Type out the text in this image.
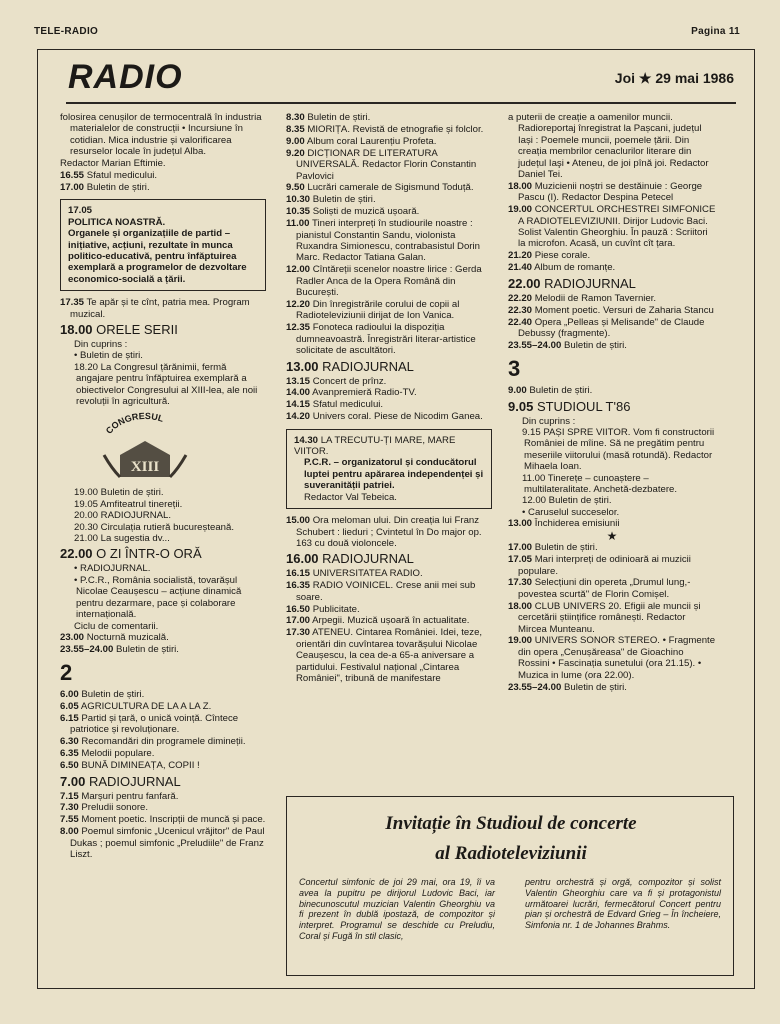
TELE-RADIO	Pagina 11
RADIO	Joi ★ 29 mai 1986
folosirea cenușilor de termocentrală în industria materialelor de construcții • Incursiune în cotidian. Mica industrie și valorificarea resurselor locale în județul Alba.
Redactor Marian Eftimie.
16.55 Sfatul medicului.
17.00 Buletin de știri.
17.05
POLITICA NOASTRĂ.
Organele și organizațiile de partid – inițiative, acțiuni, rezultate în munca politico-educativă, pentru înfăptuirea exemplară a programelor de dezvoltare economico-socială a țării.
17.35 Te apăr și te cînt, patria mea. Program muzical.
18.00 ORELE SERII
Din cuprins :
• Buletin de știri.
18.20 La Congresul țărănimii, fermă angajare pentru înfăptuirea exemplară a obiectivelor Congresului al XIII-lea, ale noii revoluții în agricultură.
CONGRESUL
XIII
19.00 Buletin de știri.
19.05 Amfiteatrul tinereții.
20.00 RADIOJURNAL.
20.30 Circulația rutieră bucureșteană.
21.00 La sugestia dv...
22.00 O ZI ÎNTR-O ORĂ
• RADIOJURNAL.
• P.C.R., România socialistă, tovarășul Nicolae Ceaușescu – acțiune dinamică pentru dezarmare, pace și colaborare internațională.
Ciclu de comentarii.
23.00 Nocturnă muzicală.
23.55–24.00 Buletin de știri.
2
6.00 Buletin de știri.
6.05 AGRICULTURA DE LA A LA Z.
6.15 Partid și țară, o unică voință. Cîntece patriotice și revoluționare.
6.30 Recomandări din programele dimineții.
6.35 Melodii populare.
6.50 BUNĂ DIMINEAȚA, COPII !
7.00 RADIOJURNAL
7.15 Marșuri pentru fanfară.
7.30 Preludii sonore.
7.55 Moment poetic. Inscripții de muncă și pace.
8.00 Poemul simfonic „Ucenicul vrăjitor" de Paul Dukas ; poemul simfonic „Preludiile" de Franz Liszt.
8.30 Buletin de știri.
8.35 MIORIȚA. Revistă de etnografie și folclor.
9.00 Album coral Laurențiu Profeta.
9.20 DICȚIONAR DE LITERATURA UNIVERSALĂ. Redactor Florin Constantin Pavlovici
9.50 Lucrări camerale de Sigismund Toduță.
10.30 Buletin de știri.
10.35 Soliști de muzică ușoară.
11.00 Tineri interpreți în studiourile noastre : pianistul Constantin Sandu, violonista Ruxandra Simionescu, contrabasistul Dorin Marc. Redactor Tatiana Galan.
12.00 Cîntăreții scenelor noastre lirice : Gerda Radler Anca de la Opera Română din București.
12.20 Din înregistrările corului de copii al Radioteleviziunii dirijat de Ion Vanica.
12.35 Fonoteca radioului la dispoziția dumneavoastră. Înregistrări literar-artistice solicitate de ascultători.
13.00 RADIOJURNAL
13.15 Concert de prînz.
14.00 Avanpremieră Radio-TV.
14.15 Sfatul medicului.
14.20 Univers coral. Piese de Nicodim Ganea.
14.30 LA TRECUTU-ȚI MARE, MARE VIITOR.
P.C.R. – organizatorul și conducătorul luptei pentru apărarea independenței și suveranității patriei.
Redactor Val Tebeica.
15.00 Ora meloman ului. Din creația lui Franz Schubert : lieduri ; Cvintetul în Do major op. 163 cu două violoncele.
16.00 RADIOJURNAL
16.15 UNIVERSITATEA RADIO.
16.35 RADIO VOINICEL. Crese anii mei sub soare.
16.50 Publicitate.
17.00 Arpegii. Muzică ușoară în actualitate.
17.30 ATENEU. Cintarea României. Idei, teze, orientări din cuvîntarea tovarășului Nicolae Ceaușescu, la cea de-a 65-a aniversare a partidului. Festivalul național „Cintarea României", tribună de manifestare
a puterii de creație a oamenilor muncii. Radioreportaj înregistrat la Pașcani, județul Iași : Poemele muncii, poemele țării. Din creația membrilor cenaclurilor literare din județul Iaşi • Ateneu, de joi pînă joi. Redactor Daniel Tei.
18.00 Muzicienii noștri se destăinuie : George Pascu (I). Redactor Despina Petecel
19.00 CONCERTUL ORCHESTREI SIMFONICE A RADIOTELEVIZIUNII. Dirijor Ludovic Baci. Solist Valentin Gheorghiu. În pauză : Scriitori la microfon. Acasă, un cuvînt cît țara.
21.20 Piese corale.
21.40 Album de romanțe.
22.00 RADIOJURNAL
22.20 Melodii de Ramon Tavernier.
22.30 Moment poetic. Versuri de Zaharia Stancu
22.40 Opera „Pelleas și Melisande" de Claude Debussy (fragmente).
23.55–24.00 Buletin de știri.
3
9.00 Buletin de știri.
9.05 STUDIOUL T'86
Din cuprins :
9.15 PAȘI SPRE VIITOR. Vom fi constructorii României de mîine. Să ne pregătim pentru meseriile viitorului (masă rotundă). Redactor Mihaela Ioan.
11.00 Tinerețe – cunoaștere – multilateralitate. Anchetă-dezbatere.
12.00 Buletin de știri.
• Caruselul succeselor.
13.00 Închiderea emisiunii
★
17.00 Buletin de știri.
17.05 Mari interpreți de odinioară ai muzicii populare.
17.30 Selecțiuni din opereta „Drumul lung,- povestea scurtă" de Florin Comișel.
18.00 CLUB UNIVERS 20. Efigii ale muncii și cercetării științifice românești. Redactor Mircea Munteanu.
19.00 UNIVERS SONOR STEREO. • Fragmente din opera „Cenușăreasa" de Gioachino Rossini • Fascinația sunetului (ora 21.15). • Muzica in lume (ora 22.00).
23.55–24.00 Buletin de știri.
Invitație în Studioul de concerte
al Radioteleviziunii
Concertul simfonic de joi 29 mai, ora 19, îi va avea la pupitru pe dirijorul Ludovic Baci, iar binecunoscutul muzician Valentin Gheorghiu va fi prezent în dublă ipostază, de compozitor și interpret. Programul se deschide cu Preludiu, Coral și Fugă în stil clasic,
pentru orchestră și orgă, compozitor și solist Valentin Gheorghiu care va fi și protagonistul următoarei lucrări, fermecătorul Concert pentru pian și orchestră de Edvard Grieg – În încheiere, Simfonia nr. 1 de Johannes Brahms.
